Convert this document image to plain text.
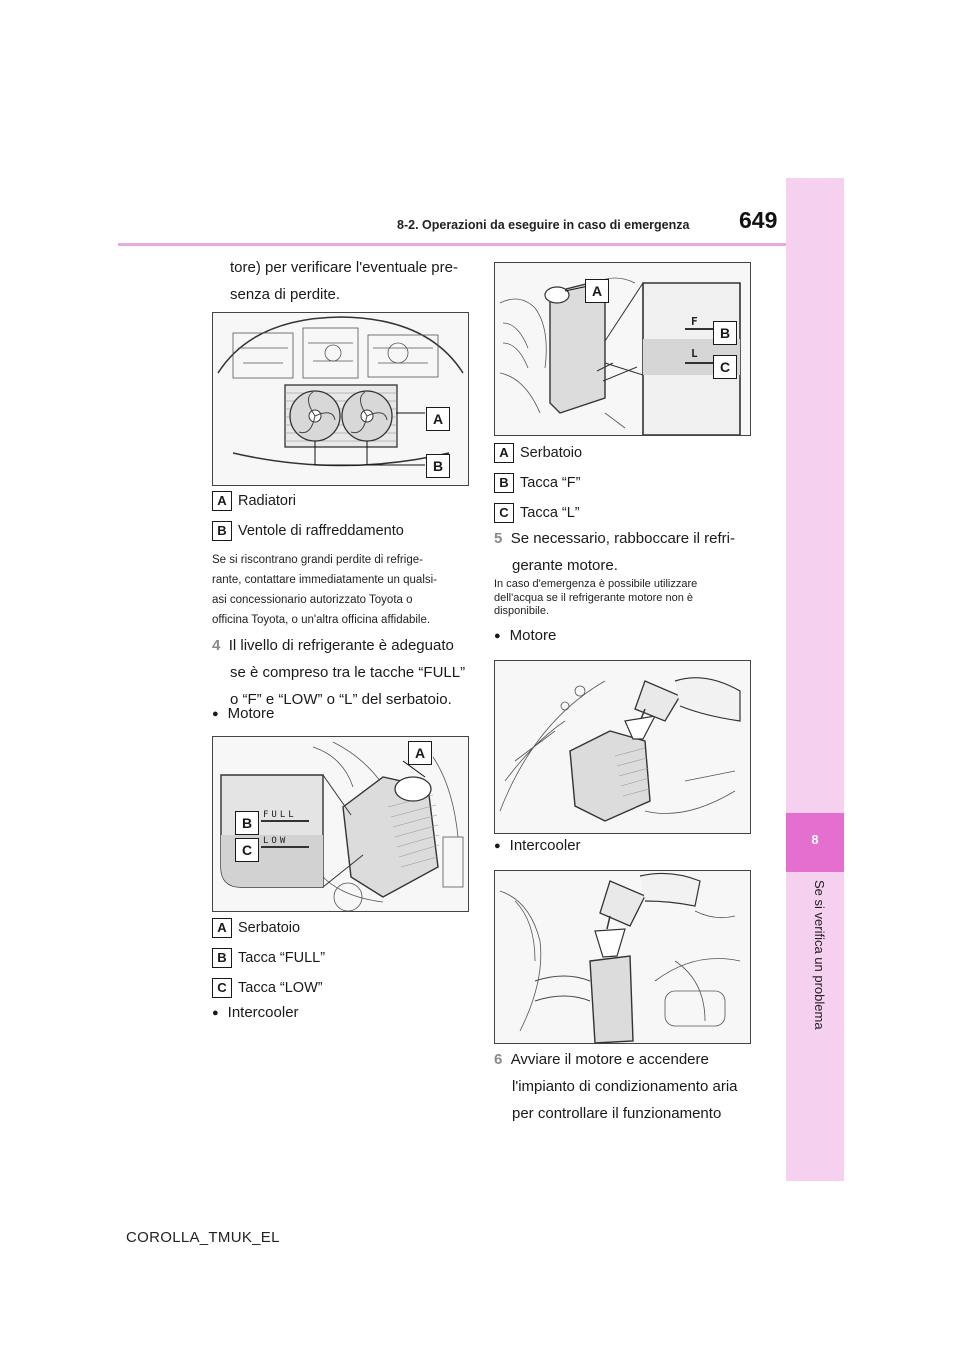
8-2. Operazioni da eseguire in caso di emergenza 649
8
Se si verifica un problema
tore) per verificare l'eventuale pre-
senza di perdite.
A
B
A Radiatori
B Ventole di raffreddamento
Se si riscontrano grandi perdite di refrige-
rante, contattare immediatamente un qualsi-
asi concessionario autorizzato Toyota o
officina Toyota, o un'altra officina affidabile.
4 Il livello di refrigerante è adeguato
se è compreso tra le tacche “FULL”
o “F” e “LOW” o “L” del serbatoio.
● Motore
FULL
LOW
A
B
C
A Serbatoio
B Tacca “FULL”
C Tacca “LOW”
● Intercooler
F
L
A
B
C
A Serbatoio
B Tacca “F”
C Tacca “L”
5 Se necessario, rabboccare il refri-
gerante motore.
In caso d'emergenza è possibile utilizzare
dell'acqua se il refrigerante motore non è
disponibile.
● Motore
● Intercooler
6 Avviare il motore e accendere
l'impianto di condizionamento aria
per controllare il funzionamento
COROLLA_TMUK_EL
